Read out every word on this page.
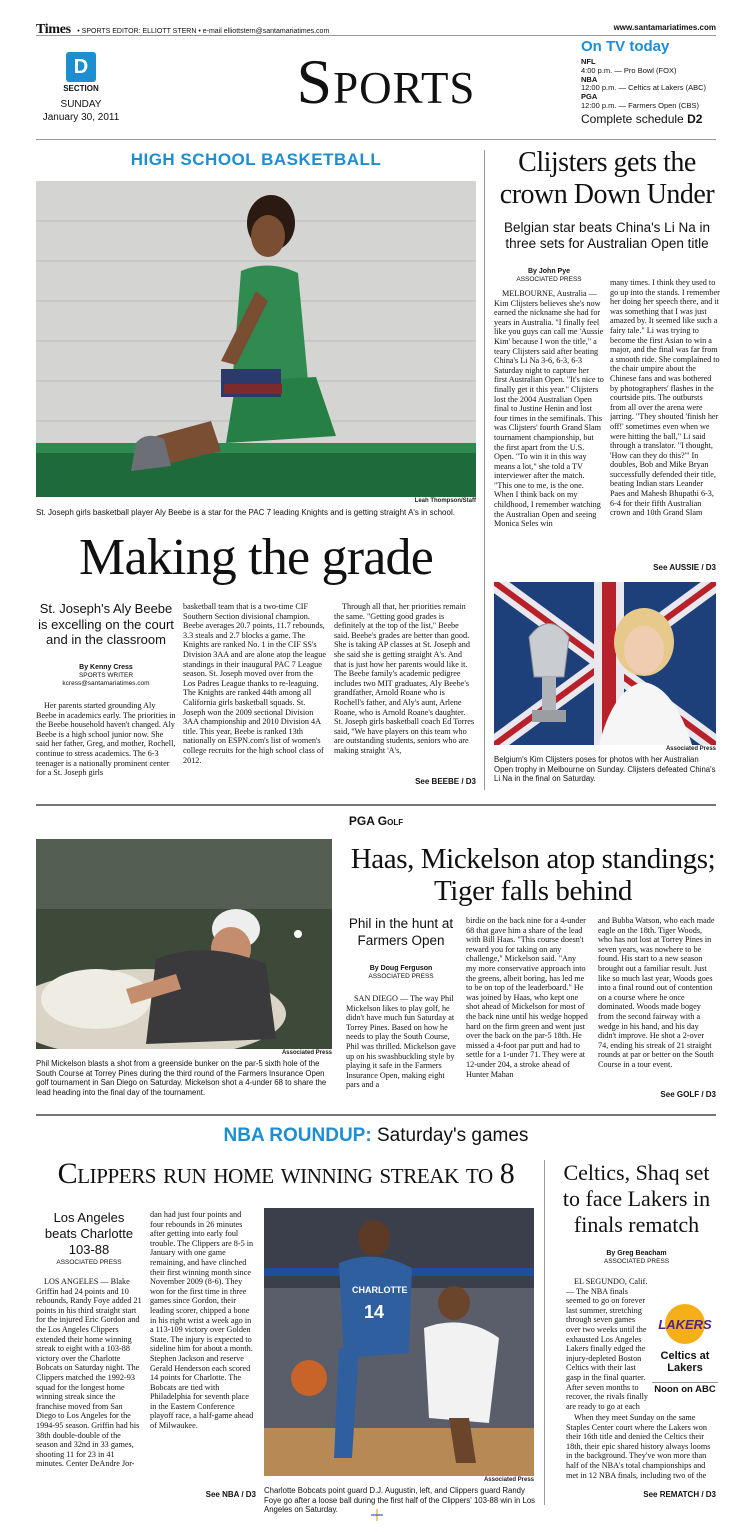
Times • SPORTS EDITOR: ELLIOTT STERN • e-mail elliottstern@santamariatimes.com	www.santamariatimes.com
D
SECTION
SUNDAY
January 30, 2011
Sports	On TV today
NFL
4:00 p.m. — Pro Bowl (FOX)
NBA
12:00 p.m. — Celtics at Lakers (ABC)
PGA
12:00 p.m. — Farmers Open (CBS)
Complete schedule D2
HIGH SCHOOL BASKETBALL
Leah Thompson/Staff
St. Joseph girls basketball player Aly Beebe is a star for the PAC 7 leading Knights and is getting straight A's in school.
Making the grade
St. Joseph's Aly Beebe is excelling on the court and in the classroom
By Kenny Cress
SPORTS WRITER
kcress@santamariatimes.com
Her parents started grounding Aly Beebe in academics early. The priorities in the Beebe household haven't changed. Aly Beebe is a high school junior now. She said her father, Greg, and mother, Rochell, continue to stress academics. The 6-3 teenager is a nationally prominent center for a St. Joseph girls
basketball team that is a two-time CIF Southern Section divisional champion. Beebe averages 20.7 points, 11.7 rebounds, 3.3 steals and 2.7 blocks a game. The Knights are ranked No. 1 in the CIF SS's Division 3AA and are alone atop the league standings in their inaugural PAC 7 League season. St. Joseph moved over from the Los Padres League thanks to re-leaguing. The Knights are ranked 44th among all California girls basketball squads. St. Joseph won the 2009 sectional Division 3AA championship and 2010 Division 4A title. This year, Beebe is ranked 13th nationally on ESPN.com's list of women's college recruits for the high school class of 2012.
Through all that, her priorities remain the same. "Getting good grades is definitely at the top of the list," Beebe said. Beebe's grades are better than good. She is taking AP classes at St. Joseph and she said she is getting straight A's. And that is just how her parents would like it. The Beebe family's academic pedigree includes two MIT graduates, Aly Beebe's grandfather, Arnold Roane who is Rochell's father, and Aly's aunt, Arlene Roane, who is Arnold Roane's daughter. St. Joseph girls basketball coach Ed Torres said, "We have players on this team who are outstanding students, seniors who are making straight 'A's,
See BEEBE / D3
Clijsters gets the crown Down Under
Belgian star beats China's Li Na in three sets for Australian Open title
By John Pye
ASSOCIATED PRESS
MELBOURNE, Australia — Kim Clijsters believes she's now earned the nickname she had for years in Australia. "I finally feel like you guys can call me 'Aussie Kim' because I won the title," a teary Clijsters said after beating China's Li Na 3-6, 6-3, 6-3 Saturday night to capture her first Australian Open. "It's nice to finally get it this year." Clijsters lost the 2004 Australian Open final to Justine Henin and lost four times in the semifinals. This was Clijsters' fourth Grand Slam tournament championship, but the first apart from the U.S. Open. "To win it in this way means a lot," she told a TV interviewer after the match. "This one to me, is the one. When I think back on my childhood, I remember watching the Australian Open and seeing Monica Seles win
many times. I think they used to go up into the stands. I remember her doing her speech there, and it was something that I was just amazed by. It seemed like such a fairy tale." Li was trying to become the first Asian to win a major, and the final was far from a smooth ride. She complained to the chair umpire about the Chinese fans and was bothered by photographers' flashes in the courtside pits. The outbursts from all over the arena were jarring. "They shouted 'finish her off!' sometimes even when we were hitting the ball," Li said through a translator. "I thought, 'How can they do this?'" In doubles, Bob and Mike Bryan successfully defended their title, beating Indian stars Leander Paes and Mahesh Bhupathi 6-3, 6-4 for their fifth Australian crown and 10th Grand Slam
See AUSSIE / D3
Associated Press
Belgium's Kim Clijsters poses for photos with her Australian Open trophy in Melbourne on Sunday. Clijsters defeated China's Li Na in the final on Saturday.
PGA Golf
Associated Press
Phil Mickelson blasts a shot from a greenside bunker on the par-5 sixth hole of the South Course at Torrey Pines during the third round of the Farmers Insurance Open golf tournament in San Diego on Saturday. Mickelson shot a 4-under 68 to share the lead heading into the final day of the tournament.
Haas, Mickelson atop standings; Tiger falls behind
Phil in the hunt at Farmers Open
By Doug Ferguson
ASSOCIATED PRESS
SAN DIEGO — The way Phil Mickelson likes to play golf, he didn't have much fun Saturday at Torrey Pines. Based on how he needs to play the South Course, Phil was thrilled. Mickelson gave up on his swashbuckling style by playing it safe in the Farmers Insurance Open, making eight pars and a
birdie on the back nine for a 4-under 68 that gave him a share of the lead with Bill Haas. "This course doesn't reward you for taking on any challenge," Mickelson said. "Any my more conservative approach into the greens, albeit boring, has led me to be on top of the leaderboard." He was joined by Haas, who kept one shot ahead of Mickelson for most of the back nine until his wedge hopped hard on the firm green and went just over the back on the par-5 18th. He missed a 4-foot par putt and had to settle for a 1-under 71. They were at 12-under 204, a stroke ahead of Hunter Mahan
and Bubba Watson, who each made eagle on the 18th. Tiger Woods, who has not lost at Torrey Pines in seven years, was nowhere to be found. His start to a new season brought out a familiar result. Just like so much last year, Woods goes into a final round out of contention on a course where he once dominated. Woods made bogey from the second fairway with a wedge in his hand, and his day didn't improve. He shot a 2-over 74, ending his streak of 21 straight rounds at par or better on the South Course in a tour event.
See GOLF / D3
NBA ROUNDUP: Saturday's games
Clippers run home winning streak to 8
Los Angeles beats Charlotte 103-88
ASSOCIATED PRESS
LOS ANGELES — Blake Griffin had 24 points and 10 rebounds, Randy Foye added 21 points in his third straight start for the injured Eric Gordon and the Los Angeles Clippers extended their home winning streak to eight with a 103-88 victory over the Charlotte Bobcats on Saturday night. The Clippers matched the 1992-93 squad for the longest home winning streak since the franchise moved from San Diego to Los Angeles for the 1994-95 season. Griffin had his 38th double-double of the season and 32nd in 33 games, shooting 11 for 23 in 41 minutes. Center DeAndre Jor-
dan had just four points and four rebounds in 26 minutes after getting into early foul trouble. The Clippers are 8-5 in January with one game remaining, and have clinched their first winning month since November 2009 (8-6). They won for the first time in three games since Gordon, their leading scorer, chipped a bone in his right wrist a week ago in a 113-109 victory over Golden State. The injury is expected to sideline him for about a month. Stephen Jackson and reserve Gerald Henderson each scored 14 points for Charlotte. The Bobcats are tied with Philadelphia for seventh place in the Eastern Conference playoff race, a half-game ahead of Milwaukee.
See NBA / D3
CHARLOTTE
14
Associated Press
Charlotte Bobcats point guard D.J. Augustin, left, and Clippers guard Randy Foye go after a loose ball during the first half of the Clippers' 103-88 win in Los Angeles on Saturday.
Celtics, Shaq set to face Lakers in finals rematch
By Greg Beacham
ASSOCIATED PRESS
EL SEGUNDO, Calif. — The NBA finals seemed to go on forever last summer, stretching through seven games over two weeks until the exhausted Los Angeles Lakers finally edged the injury-depleted Boston Celtics with their last gasp in the final quarter. After seven months to recover, the rivals finally are ready to go at each
LAKERS
Celtics at Lakers
Noon on ABC
When they meet Sunday on the same Staples Center court where the Lakers won their 16th title and denied the Celtics their 18th, their epic shared history always looms in the background. They've won more than half of the NBA's total championships and met in 12 NBA finals, including two of the
See REMATCH / D3
